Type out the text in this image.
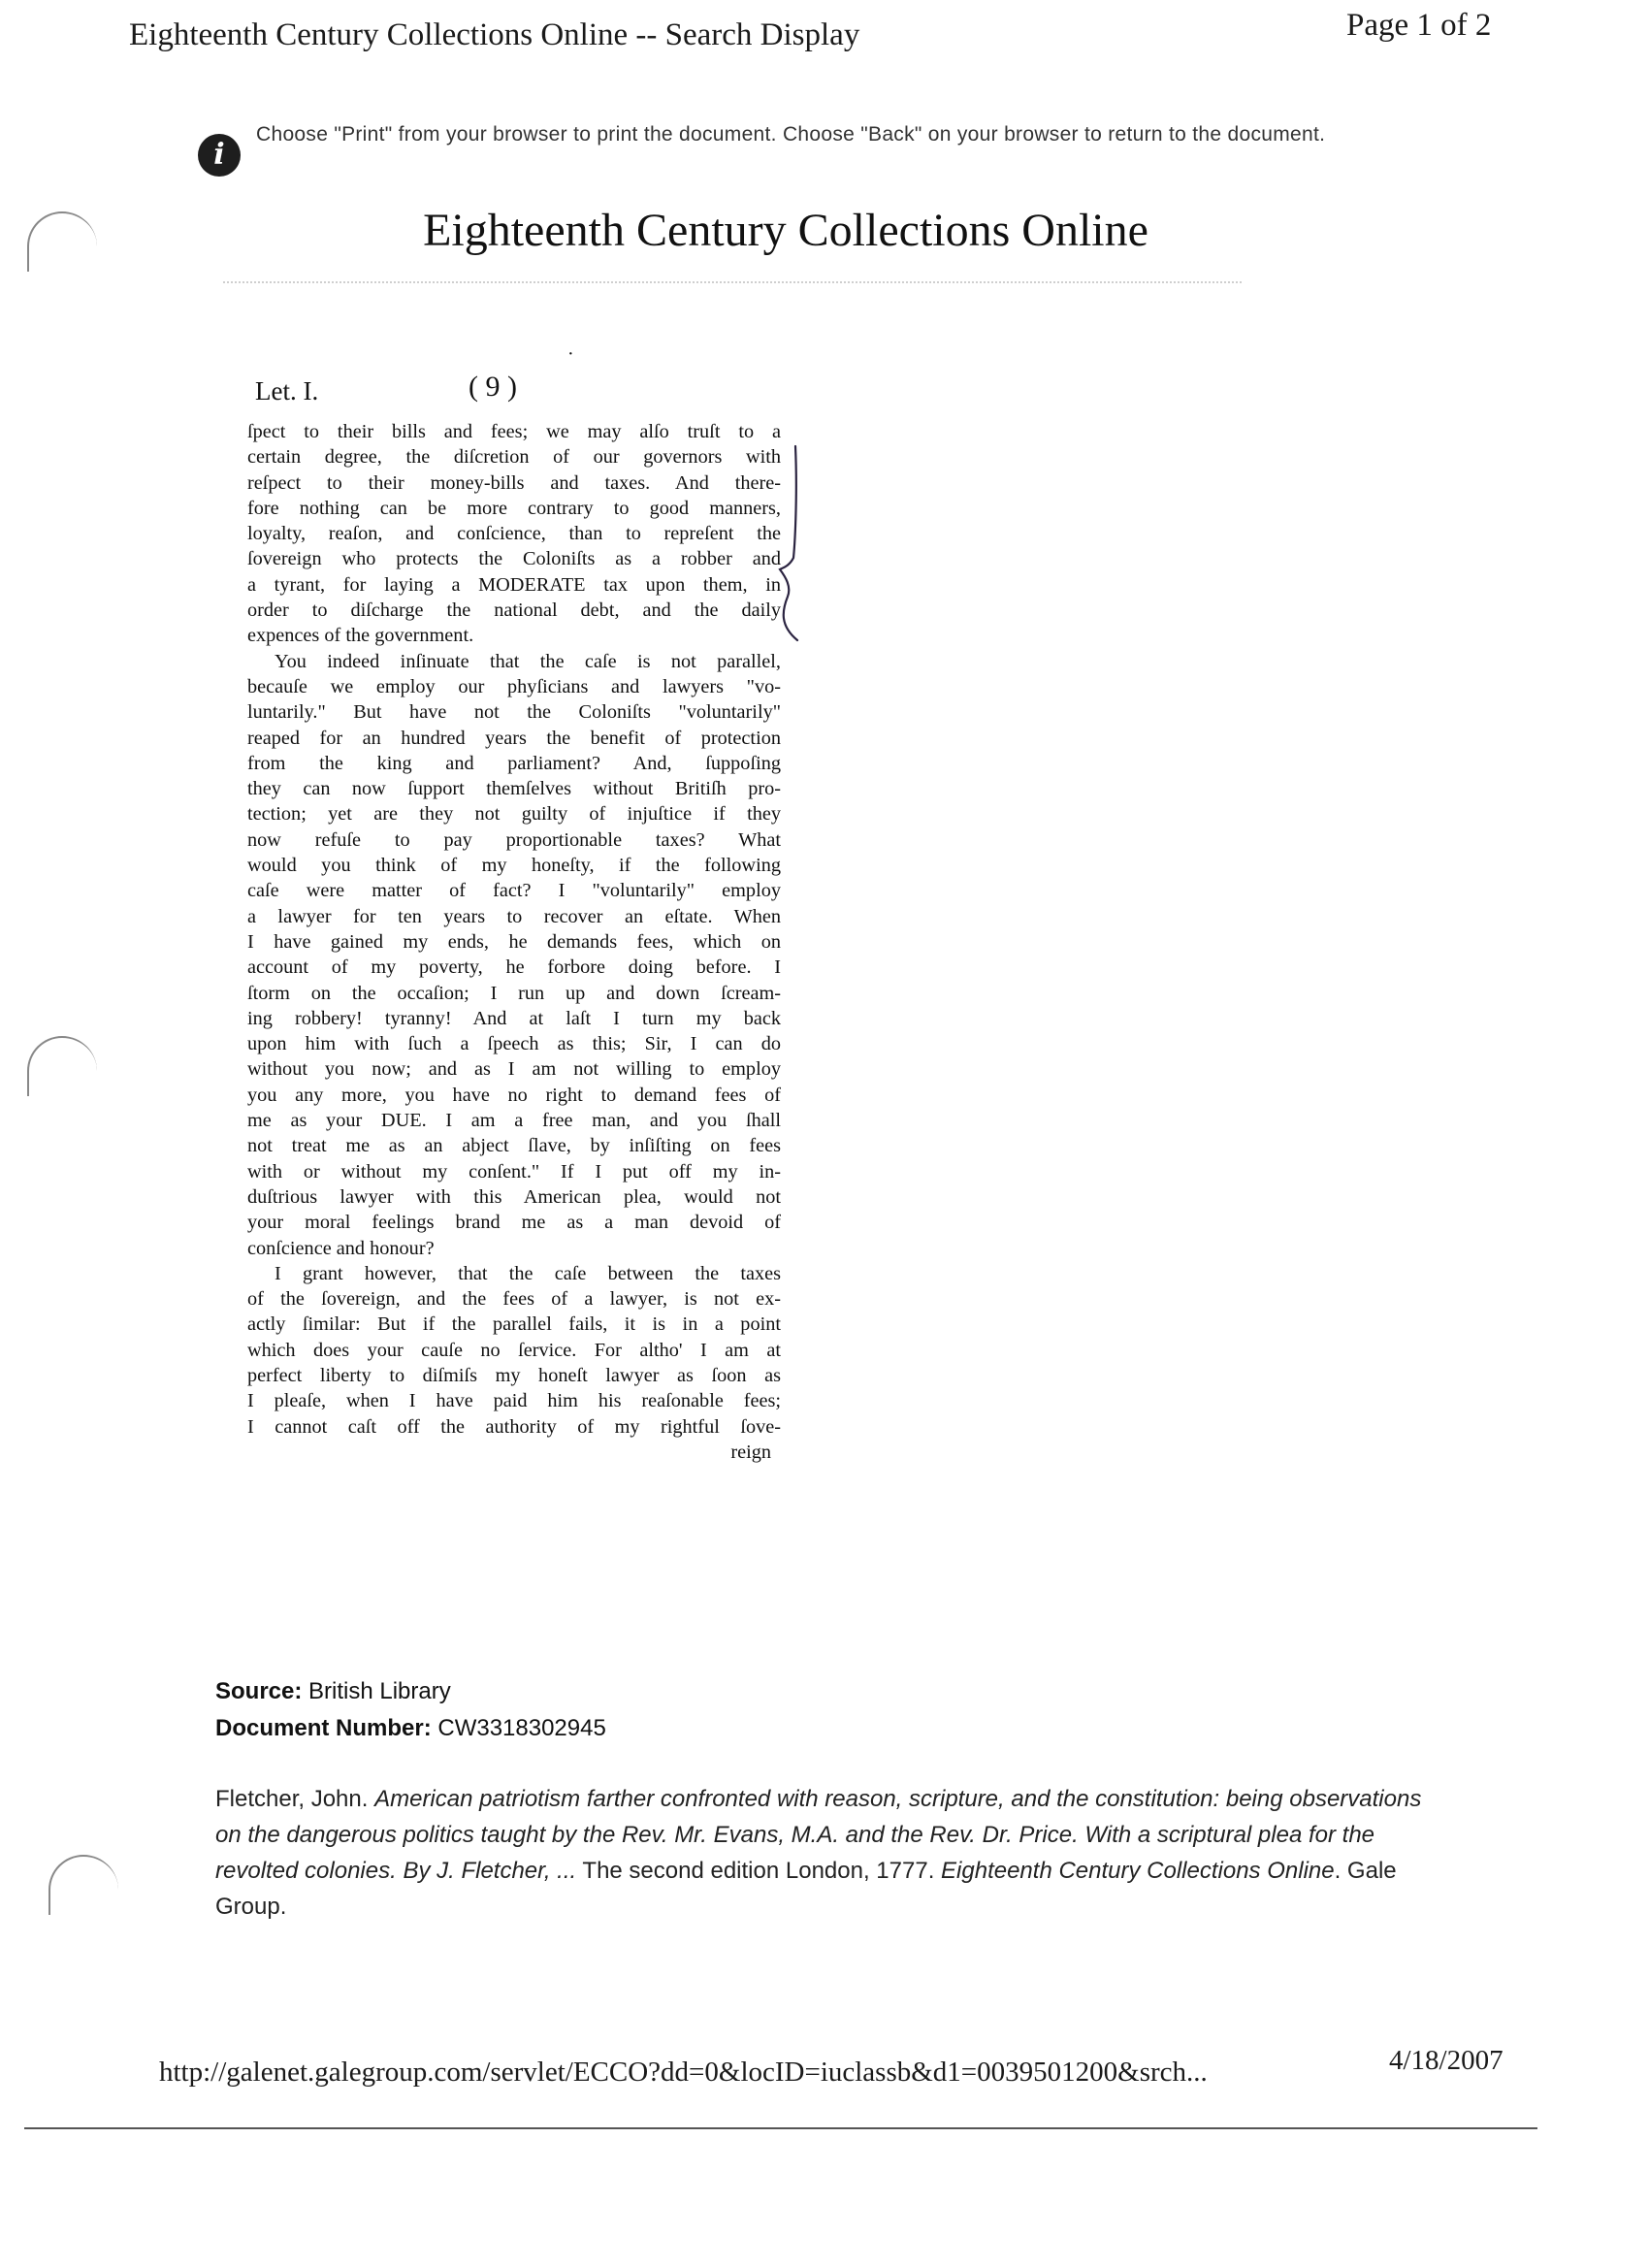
Eighteenth Century Collections Online -- Search Display	Page 1 of 2
i
Choose "Print" from your browser to print the document. Choose "Back" on your browser to return to the document.
Eighteenth Century Collections Online
·
Let. I.	( 9 )
ſpect to their bills and fees; we may alſo truſt to a
certain degree, the diſcretion of our governors with
reſpect to their money-bills and taxes. And there-
fore nothing can be more contrary to good manners,
loyalty, reaſon, and conſcience, than to repreſent the
ſovereign who protects the Coloniſts as a robber and
a tyrant, for laying a MODERATE tax upon them, in
order to diſcharge the national debt, and the daily
expences of the government.
You indeed inſinuate that the caſe is not parallel,
becauſe we employ our phyſicians and lawyers "vo-
luntarily." But have not the Coloniſts "voluntarily"
reaped for an hundred years the benefit of protection
from the king and parliament? And, ſuppoſing
they can now ſupport themſelves without Britiſh pro-
tection; yet are they not guilty of injuſtice if they
now refuſe to pay proportionable taxes? What
would you think of my honeſty, if the following
caſe were matter of fact? I "voluntarily" employ
a lawyer for ten years to recover an eſtate. When
I have gained my ends, he demands fees, which on
account of my poverty, he forbore doing before. I
ſtorm on the occaſion; I run up and down ſcream-
ing robbery! tyranny! And at laſt I turn my back
upon him with ſuch a ſpeech as this; Sir, I can do
without you now; and as I am not willing to employ
you any more, you have no right to demand fees of
me as your DUE. I am a free man, and you ſhall
not treat me as an abject ſlave, by inſiſting on fees
with or without my conſent." If I put off my in-
duſtrious lawyer with this American plea, would not
your moral feelings brand me as a man devoid of
conſcience and honour?
I grant however, that the caſe between the taxes
of the ſovereign, and the fees of a lawyer, is not ex-
actly ſimilar: But if the parallel fails, it is in a point
which does your cauſe no ſervice. For altho' I am at
perfect liberty to diſmiſs my honeſt lawyer as ſoon as
I pleaſe, when I have paid him his reaſonable fees;
I cannot caſt off the authority of my rightful ſove-
reign
Source: British Library
Document Number: CW3318302945
Fletcher, John. American patriotism farther confronted with reason, scripture, and the constitution: being observations on the dangerous politics taught by the Rev. Mr. Evans, M.A. and the Rev. Dr. Price. With a scriptural plea for the revolted colonies. By J. Fletcher, ... The second edition London, 1777. Eighteenth Century Collections Online. Gale Group.
http://galenet.galegroup.com/servlet/ECCO?dd=0&locID=iuclassb&d1=0039501200&srch...	4/18/2007
